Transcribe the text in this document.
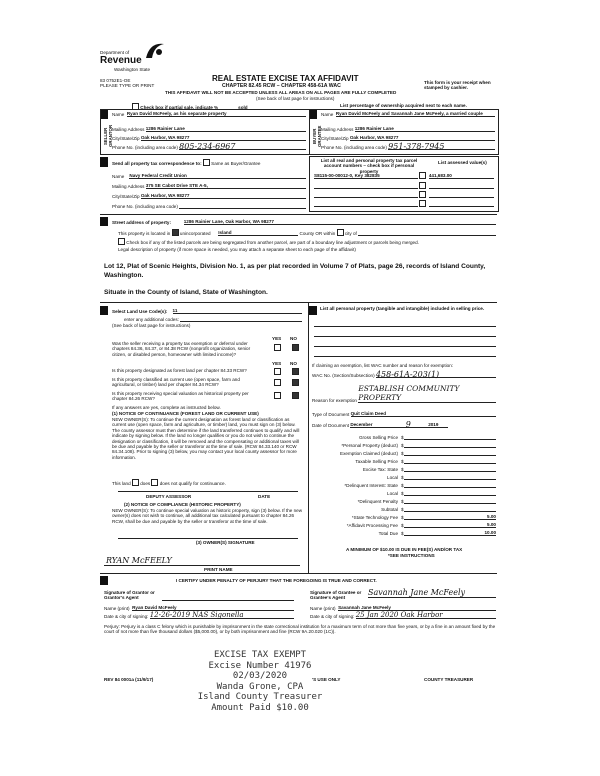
Department of
Revenue
Washington State
83 0752E1-OE
PLEASE TYPE OR PRINT
REAL ESTATE EXCISE TAX AFFIDAVIT
CHAPTER 82.45 RCW – CHAPTER 458-61A WAC
THIS AFFIDAVIT WILL NOT BE ACCEPTED UNLESS ALL AREAS ON ALL PAGES ARE FULLY COMPLETED
(See back of last page for instructions)
This form is your receipt when stamped by cashier.

Check box if partial sale, indicate %	sold	List percentage of ownership acquired next to each name.
SELLER GRANTOR
Name
Ryan David McFeely, as his separate property
Mailing Address
1286 Rainier Lane
City/State/Zip
Oak Harbor, WA 98277
Phone No. (including area code)
805-234-6967
BUYER GRANTEE
Name
Ryan David McFeely and Savannah Jane McFeely, a married couple
Mailing Address
1286 Rainier Lane
City/State/Zip
Oak Harbor, WA 98277
Phone No. (including area code)
951-378-7945
Send all property tax correspondence to:

Same as Buyer/Grantee
Name
Navy Federal Credit Union
Mailing Address
375 SE Cabot Drive STE A-5,
City/State/Zip
Oak Harbor, WA 98277
Phone No. (including area code)

List all real and personal property tax parcel account numbers – check box if personal property
List assessed value(s)
S8115-00-00012-0, Key 382835

	441,683.00

Street address of property:
	1286 Rainier Lane, Oak Harbor, WA 98277
This property is located in

unincorporated
Island
	County OR within

city of

Check box if any of the listed parcels are being segregated from another parcel, are part of a boundary line adjustment or parcels being merged.
Legal description of property (if more space is needed, you may attach a separate sheet to each page of the affidavit)
Lot 12, Plat of Scenic Heights, Division No. 1, as per plat recorded in Volume 7 of Plats, page 26, records of Island County, Washington.
Situate in the County of Island, State of Washington.
Select Land Use Code(s):
11
enter any additional codes:

(See back of last page for instructions)
YES NO
Was the seller receiving a property tax exemption or deferral under chapters 84.36, 84.37, or 84.38 RCW (nonprofit organization, senior citizen, or disabled person, homeowner with limited income)?
YES NO
Is this property designated as forest land per chapter 84.33 RCW?
Is this property classified as current use (open space, farm and agricultural, or timber) land per chapter 84.34 RCW?
Is this property receiving special valuation as historical property per chapter 84.26 RCW?
If any answers are yes, complete as instructed below.
(1) NOTICE OF CONTINUANCE (FOREST LAND OR CURRENT USE)
NEW OWNER(S): To continue the current designation as forest land or classification as current use (open space, farm and agriculture, or timber) land, you must sign on (3) below. The county assessor must then determine if the land transferred continues to qualify and will indicate by signing below. If the land no longer qualifies or you do not wish to continue the designation or classification, it will be removed and the compensating or additional taxes will be due and payable by the seller or transferor at the time of sale. (RCW 84.33.140 or RCW 84.34.108). Prior to signing (3) below, you may contact your local county assessor for more information.
This land

does

does not qualify for continuance.
DEPUTY ASSESSOR	DATE
(2) NOTICE OF COMPLIANCE (HISTORIC PROPERTY)
NEW OWNER(S): To continue special valuation as historic property, sign (3) below. If the new owner(s) does not wish to continue, all additional tax calculated pursuant to chapter 84.26 RCW, shall be due and payable by the seller or transferor at the time of sale.
(3) OWNER(S) SIGNATURE
RYAN McFEELY
PRINT NAME
List all personal property (tangible and intangible) included in selling price.
If claiming an exemption, list WAC number and reason for exemption:
WAC No. (Section/Subsection)
458-61A-203(1)
Reason for exemption

ESTABLISH COMMUNITY PROPERTY
Type of Document
Quit Claim Deed
Date of Document
December	9	2019
Gross Selling Price $
*Personal Property (deduct) $
Exemption Claimed (deduct) $
Taxable Selling Price $
Excise Tax: State $
Local $
*Delinquent Interest: State $
Local $
*Delinquent Penalty $
Subtotal $
*State Technology Fee $	5.00
*Affidavit Processing Fee $	5.00
Total Due $	10.00
A MINIMUM OF $10.00 IS DUE IN FEE(S) AND/OR TAX
*SEE INSTRUCTIONS
I CERTIFY UNDER PENALTY OF PERJURY THAT THE FOREGOING IS TRUE AND CORRECT.
Signature of Grantor or Grantor's Agent
Name (print)
Ryan David McFeely
Date & city of signing:
12-26-2019 NAS Sigonella
Signature of Grantee or Grantee's Agent
Savannah Jane McFeely
Name (print)
Savannah Jane McFeely
Date & city of signing:
25 Jan 2020 Oak Harbor
Perjury: Perjury is a class C felony which is punishable by imprisonment in the state correctional institution for a maximum term of not more than five years, or by a fine in an amount fixed by the court of not more than five thousand dollars ($5,000.00), or by both imprisonment and fine (RCW 9A.20.020 (1C)).
EXCISE TAX EXEMPT
Excise Number 41976
02/03/2020
Wanda Grone, CPA
Island County Treasurer
Amount Paid $10.00
REV 84 0001a (11/9/17)	'S USE ONLY	COUNTY TREASURER
